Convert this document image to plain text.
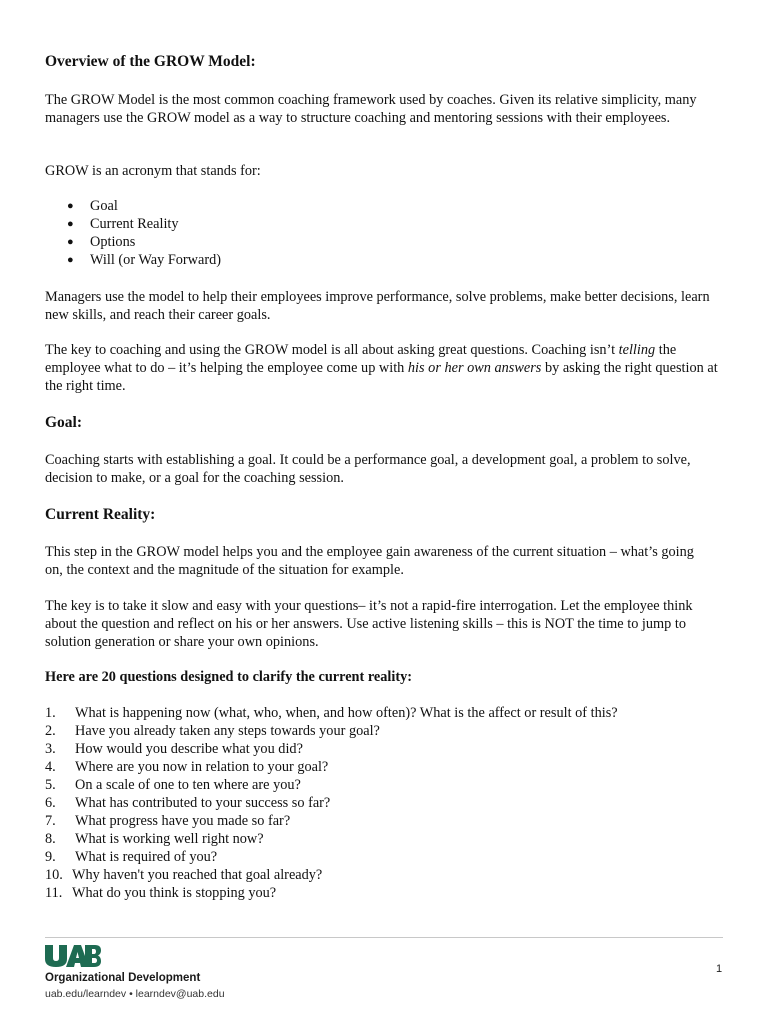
Overview of the GROW Model:

The GROW Model is the most common coaching framework used by coaches. Given its relative simplicity, many managers use the GROW model as a way to structure coaching and mentoring sessions with their employees.

GROW is an acronym that stands for:

● Goal
● Current Reality
● Options
● Will (or Way Forward)

Managers use the model to help their employees improve performance, solve problems, make better decisions, learn new skills, and reach their career goals.

The key to coaching and using the GROW model is all about asking great questions. Coaching isn’t telling the employee what to do – it’s helping the employee come up with his or her own answers by asking the right question at the right time.

Goal:

Coaching starts with establishing a goal. It could be a performance goal, a development goal, a problem to solve, decision to make, or a goal for the coaching session.

Current Reality:

This step in the GROW model helps you and the employee gain awareness of the current situation – what’s going on, the context and the magnitude of the situation for example.

The key is to take it slow and easy with your questions– it’s not a rapid-fire interrogation. Let the employee think about the question and reflect on his or her answers. Use active listening skills – this is NOT the time to jump to solution generation or share your own opinions.

Here are 20 questions designed to clarify the current reality:

1.	What is happening now (what, who, when, and how often)? What is the affect or result of this?
2.	Have you already taken any steps towards your goal?
3.	How would you describe what you did?
4.	Where are you now in relation to your goal?
5.	On a scale of one to ten where are you?
6.	What has contributed to your success so far?
7.	What progress have you made so far?
8.	What is working well right now?
9.	What is required of you?
10. Why haven't you reached that goal already?
11. What do you think is stopping you?
Organizational Development
uab.edu/learndev • learndev@uab.edu
1
